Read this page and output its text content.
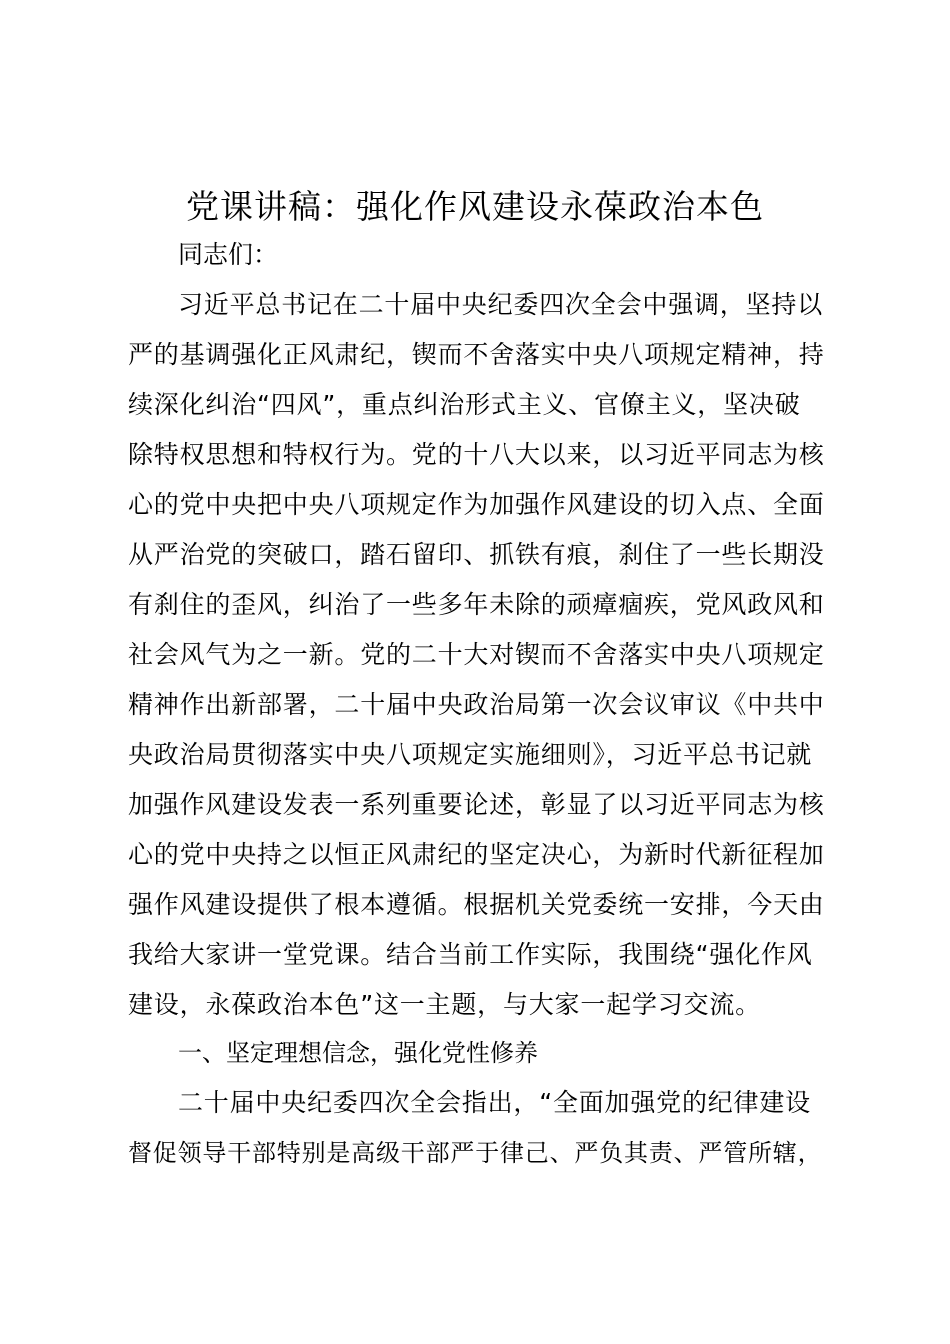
党课讲稿：强化作风建设永葆政治本色
同志们：
习近平总书记在二十届中央纪委四次全会中强调，坚持以
严的基调强化正风肃纪，锲而不舍落实中央八项规定精神，持
续深化纠治“四风”，重点纠治形式主义、官僚主义，坚决破
除特权思想和特权行为。党的十八大以来，以习近平同志为核
心的党中央把中央八项规定作为加强作风建设的切入点、全面
从严治党的突破口，踏石留印、抓铁有痕，刹住了一些长期没
有刹住的歪风，纠治了一些多年未除的顽瘴痼疾，党风政风和
社会风气为之一新。党的二十大对锲而不舍落实中央八项规定
精神作出新部署，二十届中央政治局第一次会议审议《中共中
央政治局贯彻落实中央八项规定实施细则》，习近平总书记就
加强作风建设发表一系列重要论述，彰显了以习近平同志为核
心的党中央持之以恒正风肃纪的坚定决心，为新时代新征程加
强作风建设提供了根本遵循。根据机关党委统一安排，今天由
我给大家讲一堂党课。结合当前工作实际，我围绕“强化作风
建设，永葆政治本色”这一主题，与大家一起学习交流。
一、坚定理想信念，强化党性修养
二十届中央纪委四次全会指出，“全面加强党的纪律建设
督促领导干部特别是高级干部严于律己、严负其责、严管所辖，
